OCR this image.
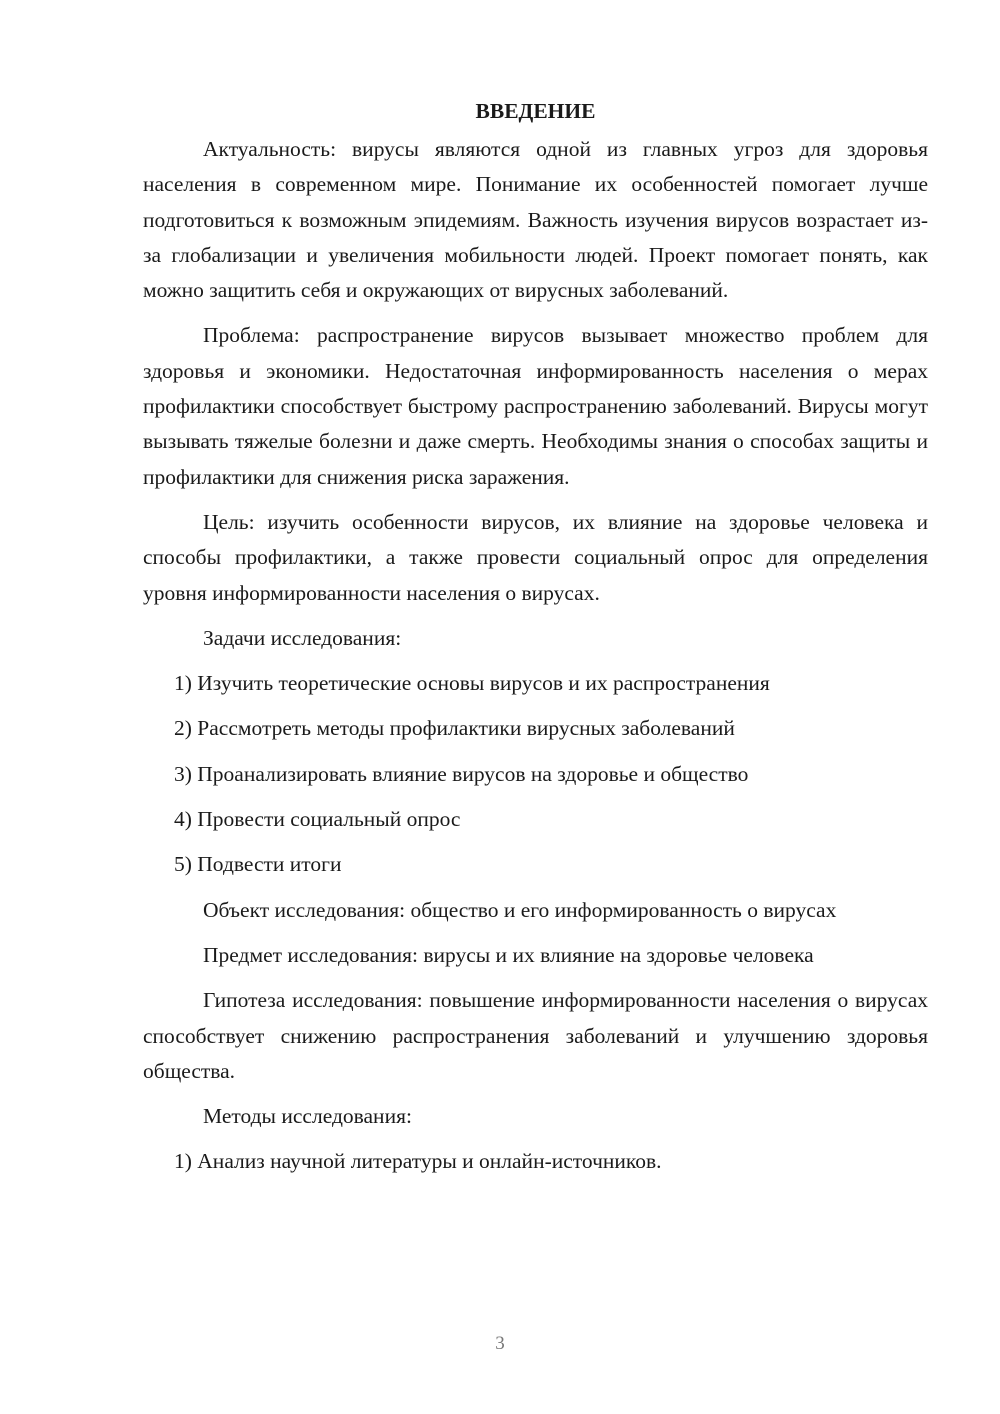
ВВЕДЕНИЕ
Актуальность: вирусы являются одной из главных угроз для здоровья населения в современном мире. Понимание их особенностей помогает лучше подготовиться к возможным эпидемиям. Важность изучения вирусов возрастает из-за глобализации и увеличения мобильности людей. Проект помогает понять, как можно защитить себя и окружающих от вирусных заболеваний.
Проблема: распространение вирусов вызывает множество проблем для здоровья и экономики. Недостаточная информированность населения о мерах профилактики способствует быстрому распространению заболеваний. Вирусы могут вызывать тяжелые болезни и даже смерть. Необходимы знания о способах защиты и профилактики для снижения риска заражения.
Цель: изучить особенности вирусов, их влияние на здоровье человека и способы профилактики, а также провести социальный опрос для определения уровня информированности населения о вирусах.
Задачи исследования:
1) Изучить теоретические основы вирусов и их распространения
2) Рассмотреть методы профилактики вирусных заболеваний
3) Проанализировать влияние вирусов на здоровье и общество
4) Провести социальный опрос
5) Подвести итоги
Объект исследования: общество и его информированность о вирусах
Предмет исследования: вирусы и их влияние на здоровье человека
Гипотеза исследования: повышение информированности населения о вирусах способствует снижению распространения заболеваний и улучшению здоровья общества.
Методы исследования:
1) Анализ научной литературы и онлайн-источников.
3
